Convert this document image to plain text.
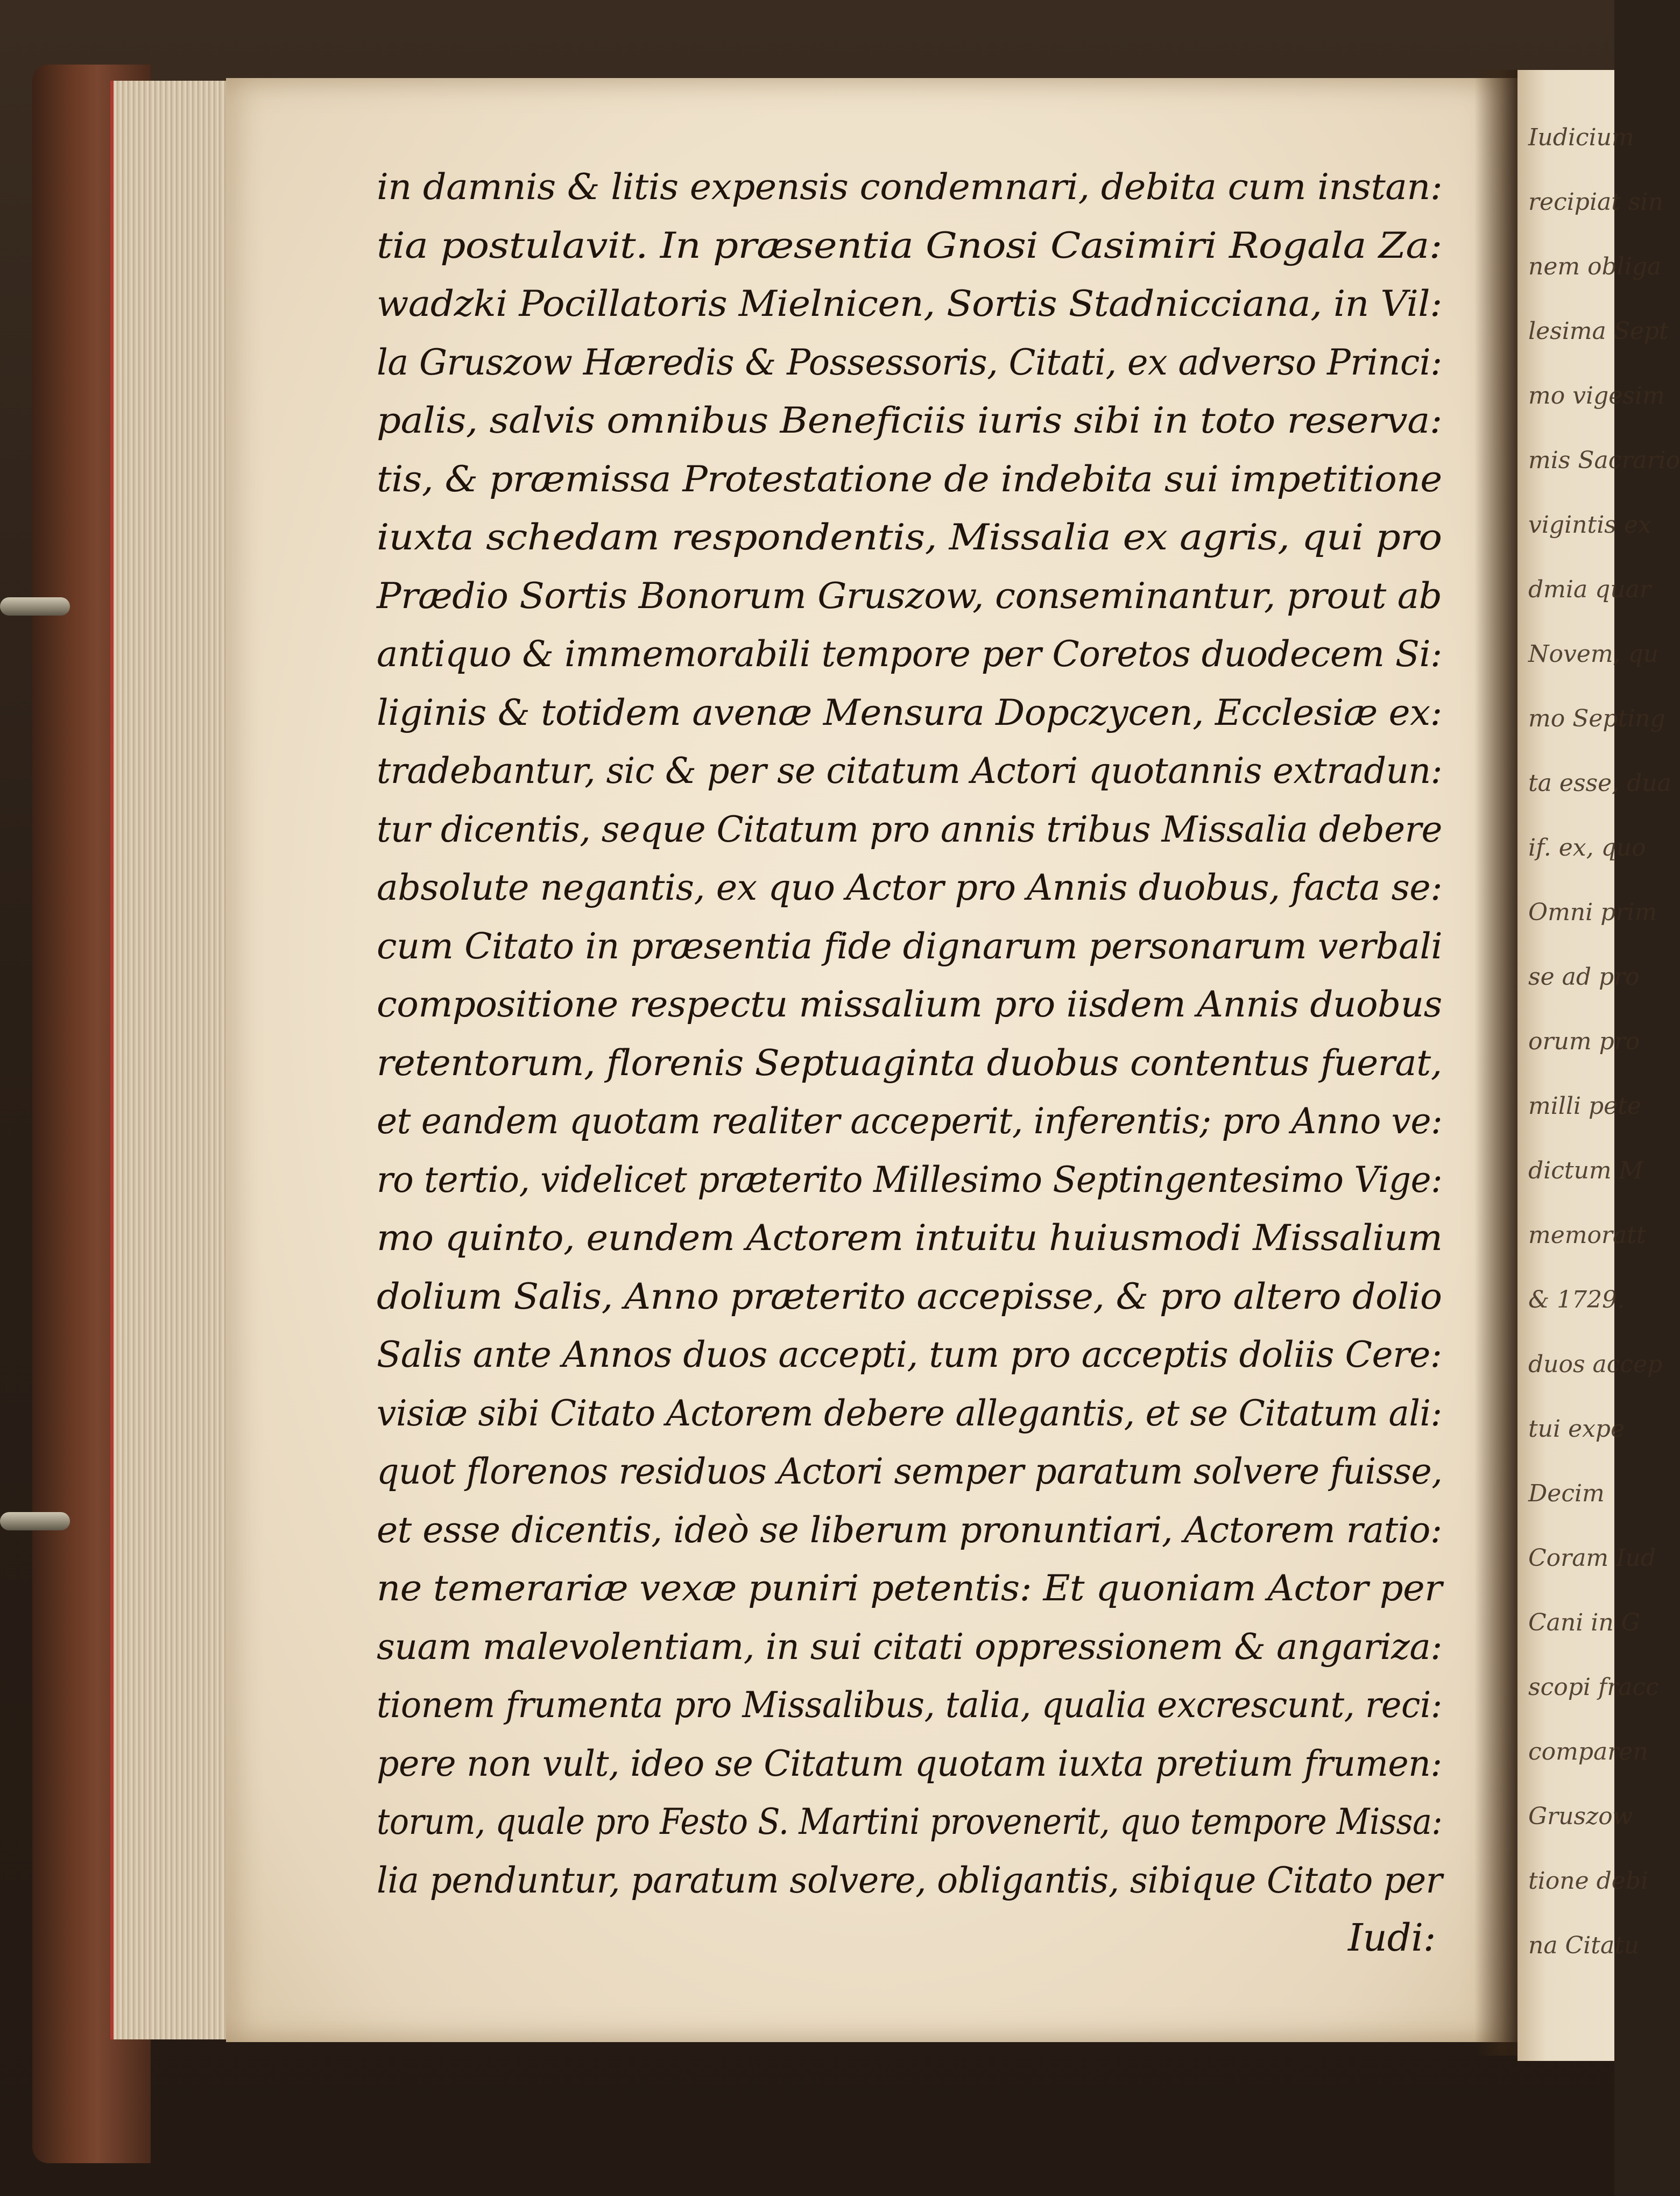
in damnis & litis expensis condemnari, debita cum instan:
tia postulavit. In præsentia Gnosi Casimiri Rogala Za:
wadzki Pocillatoris Mielnicen, Sortis Stadnicciana, in Vil:
la Gruszow Hæredis & Possessoris, Citati, ex adverso Princi:
palis, salvis omnibus Beneficiis iuris sibi in toto reserva:
tis, & præmissa Protestatione de indebita sui impetitione
iuxta schedam respondentis, Missalia ex agris, qui pro
Prædio Sortis Bonorum Gruszow, conseminantur, prout ab
antiquo & immemorabili tempore per Coretos duodecem Si:
liginis & totidem avenæ Mensura Dopczycen, Ecclesiæ ex:
tradebantur, sic & per se citatum Actori quotannis extradun:
tur dicentis, seque Citatum pro annis tribus Missalia debere
absolute negantis, ex quo Actor pro Annis duobus, facta se:
cum Citato in præsentia fide dignarum personarum verbali
compositione respectu missalium pro iisdem Annis duobus
retentorum, florenis Septuaginta duobus contentus fuerat,
et eandem quotam realiter acceperit, inferentis; pro Anno ve:
ro tertio, videlicet præterito Millesimo Septingentesimo Vige:
mo quinto, eundem Actorem intuitu huiusmodi Missalium
dolium Salis, Anno præterito accepisse, & pro altero dolio
Salis ante Annos duos accepti, tum pro acceptis doliis Cere:
visiæ sibi Citato Actorem debere allegantis, et se Citatum ali:
quot florenos residuos Actori semper paratum solvere fuisse,
et esse dicentis, ideò se liberum pronuntiari, Actorem ratio:
ne temerariæ vexæ puniri petentis: Et quoniam Actor per
suam malevolentiam, in sui citati oppressionem & angariza:
tionem frumenta pro Missalibus, talia, qualia excrescunt, reci:
pere non vult, ideo se Citatum quotam iuxta pretium frumen:
torum, quale pro Festo S. Martini provenerit, quo tempore Missa:
lia penduntur, paratum solvere, obligantis, sibique Citato per
Iudi:
Iudicium
recipiat sin
nem obliga
lesima Sept
mo vigesim
mis Sacrario
vigintis ex
dmia quar
Novem, qu
mo Septing
ta esse, dua
if. ex, quo
Omni prim
se ad pro
orum pro
milli pete
dictum M
memoratt
& 1729.
duos accep
tui expe
Decim
Coram Iud
Cani in G
scopi fracc
comparen
Gruszow
tione debi
na Citatu
